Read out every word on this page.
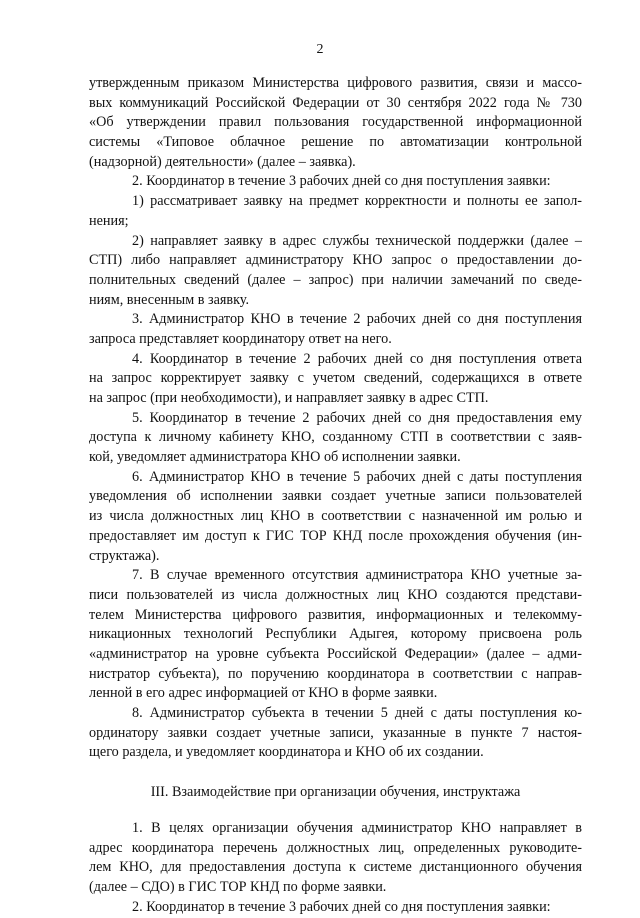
2
утвержденным приказом Министерства цифрового развития, связи и массо-
вых коммуникаций Российской Федерации от 30 сентября 2022 года № 730
«Об утверждении правил пользования государственной информационной
системы «Типовое облачное решение по автоматизации контрольной
(надзорной) деятельности» (далее – заявка).
2. Координатор в течение 3 рабочих дней со дня поступления заявки:
1) рассматривает заявку на предмет корректности и полноты ее запол-
нения;
2) направляет заявку в адрес службы технической поддержки (далее –
СТП) либо направляет администратору КНО запрос о предоставлении до-
полнительных сведений (далее – запрос) при наличии замечаний по сведе-
ниям, внесенным в заявку.
3. Администратор КНО в течение 2 рабочих дней со дня поступления
запроса представляет координатору ответ на него.
4. Координатор в течение 2 рабочих дней со дня поступления ответа
на запрос корректирует заявку с учетом сведений, содержащихся в ответе
на запрос (при необходимости), и направляет заявку в адрес СТП.
5. Координатор в течение 2 рабочих дней со дня предоставления ему
доступа к личному кабинету КНО, созданному СТП в соответствии с заяв-
кой, уведомляет администратора КНО об исполнении заявки.
6. Администратор КНО в течение 5 рабочих дней с даты поступления
уведомления об исполнении заявки создает учетные записи пользователей
из числа должностных лиц КНО в соответствии с назначенной им ролью и
предоставляет им доступ к ГИС ТОР КНД после прохождения обучения (ин-
структажа).
7. В случае временного отсутствия администратора КНО учетные за-
писи пользователей из числа должностных лиц КНО создаются представи-
телем Министерства цифрового развития, информационных и телекомму-
никационных технологий Республики Адыгея, которому присвоена роль
«администратор на уровне субъекта Российской Федерации» (далее – адми-
нистратор субъекта), по поручению координатора в соответствии с направ-
ленной в его адрес информацией от КНО в форме заявки.
8. Администратор субъекта в течении 5 дней с даты поступления ко-
ординатору заявки создает учетные записи, указанные в пункте 7 настоя-
щего раздела, и уведомляет координатора и КНО об их создании.
III. Взаимодействие при организации обучения, инструктажа
1. В целях организации обучения администратор КНО направляет в
адрес координатора перечень должностных лиц, определенных руководите-
лем КНО, для предоставления доступа к системе дистанционного обучения
(далее – СДО) в ГИС ТОР КНД по форме заявки.
2. Координатор в течение 3 рабочих дней со дня поступления заявки:
